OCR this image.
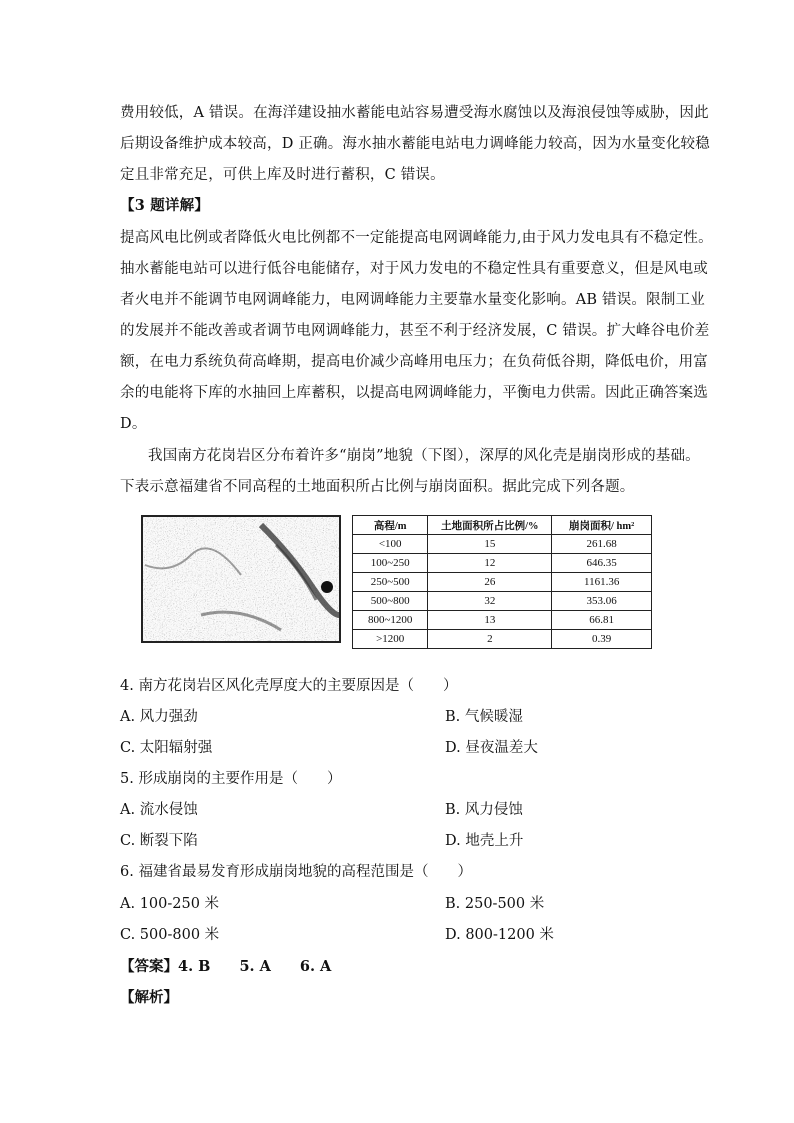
费用较低，A 错误。在海洋建设抽水蓄能电站容易遭受海水腐蚀以及海浪侵蚀等威胁，因此
后期设备维护成本较高，D 正确。海水抽水蓄能电站电力调峰能力较高，因为水量变化较稳
定且非常充足，可供上库及时进行蓄积，C 错误。
【3 题详解】
提高风电比例或者降低火电比例都不一定能提高电网调峰能力,由于风力发电具有不稳定性。
抽水蓄能电站可以进行低谷电能储存，对于风力发电的不稳定性具有重要意义，但是风电或
者火电并不能调节电网调峰能力，电网调峰能力主要靠水量变化影响。AB 错误。限制工业
的发展并不能改善或者调节电网调峰能力，甚至不利于经济发展，C 错误。扩大峰谷电价差
额，在电力系统负荷高峰期，提高电价减少高峰用电压力；在负荷低谷期，降低电价，用富
余的电能将下库的水抽回上库蓄积，以提高电网调峰能力，平衡电力供需。因此正确答案选
D。
我国南方花岗岩区分布着许多“崩岗”地貌（下图），深厚的风化壳是崩岗形成的基础。
下表示意福建省不同高程的土地面积所占比例与崩岗面积。据此完成下列各题。
高程/m	土地面积所占比例/%	崩岗面积/ hm²
<100	15	261.68
100~250	12	646.35
250~500	26	1161.36
500~800	32	353.06
800~1200	13	66.81
>1200	2	0.39
4. 南方花岗岩区风化壳厚度大的主要原因是（　　）
A. 风力强劲	B. 气候暖湿
C. 太阳辐射强	D. 昼夜温差大
5. 形成崩岗的主要作用是（　　）
A. 流水侵蚀	B. 风力侵蚀
C. 断裂下陷	D. 地壳上升
6. 福建省最易发育形成崩岗地貌的高程范围是（　　）
A. 100-250 米	B. 250-500 米
C. 500-800 米	D. 800-1200 米
【答案】4. B　　5. A　　6. A
【解析】
